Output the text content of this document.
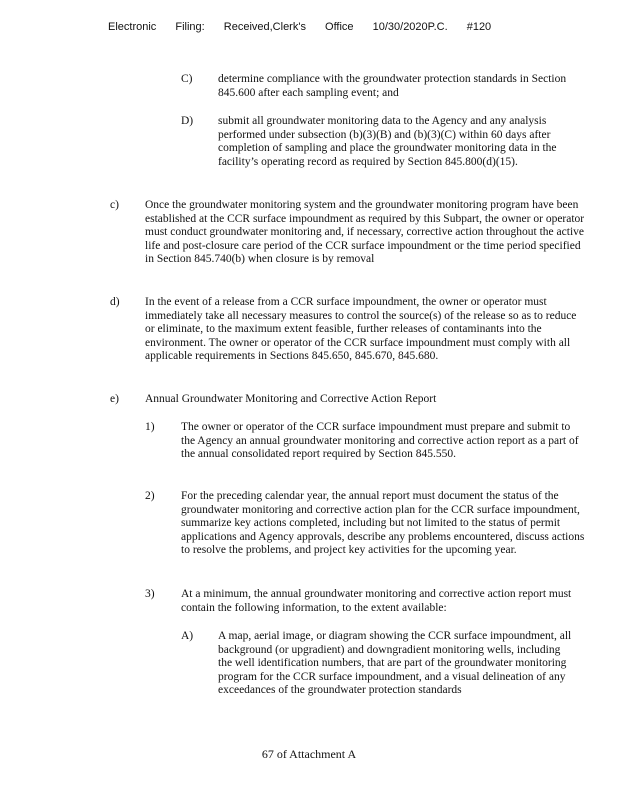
Electronic Filing: Received,Clerk's Office 10/30/2020P.C. #120
C) determine compliance with the groundwater protection standards in Section 845.600 after each sampling event; and
D) submit all groundwater monitoring data to the Agency and any analysis performed under subsection (b)(3)(B) and (b)(3)(C) within 60 days after completion of sampling and place the groundwater monitoring data in the facility’s operating record as required by Section 845.800(d)(15).
c) Once the groundwater monitoring system and the groundwater monitoring program have been established at the CCR surface impoundment as required by this Subpart, the owner or operator must conduct groundwater monitoring and, if necessary, corrective action throughout the active life and post-closure care period of the CCR surface impoundment or the time period specified in Section 845.740(b) when closure is by removal
d) In the event of a release from a CCR surface impoundment, the owner or operator must immediately take all necessary measures to control the source(s) of the release so as to reduce or eliminate, to the maximum extent feasible, further releases of contaminants into the environment. The owner or operator of the CCR surface impoundment must comply with all applicable requirements in Sections 845.650, 845.670, 845.680.
e) Annual Groundwater Monitoring and Corrective Action Report
1) The owner or operator of the CCR surface impoundment must prepare and submit to the Agency an annual groundwater monitoring and corrective action report as a part of the annual consolidated report required by Section 845.550.
2) For the preceding calendar year, the annual report must document the status of the groundwater monitoring and corrective action plan for the CCR surface impoundment, summarize key actions completed, including but not limited to the status of permit applications and Agency approvals, describe any problems encountered, discuss actions to resolve the problems, and project key activities for the upcoming year.
3) At a minimum, the annual groundwater monitoring and corrective action report must contain the following information, to the extent available:
A) A map, aerial image, or diagram showing the CCR surface impoundment, all background (or upgradient) and downgradient monitoring wells, including the well identification numbers, that are part of the groundwater monitoring program for the CCR surface impoundment, and a visual delineation of any exceedances of the groundwater protection standards
67 of Attachment A
